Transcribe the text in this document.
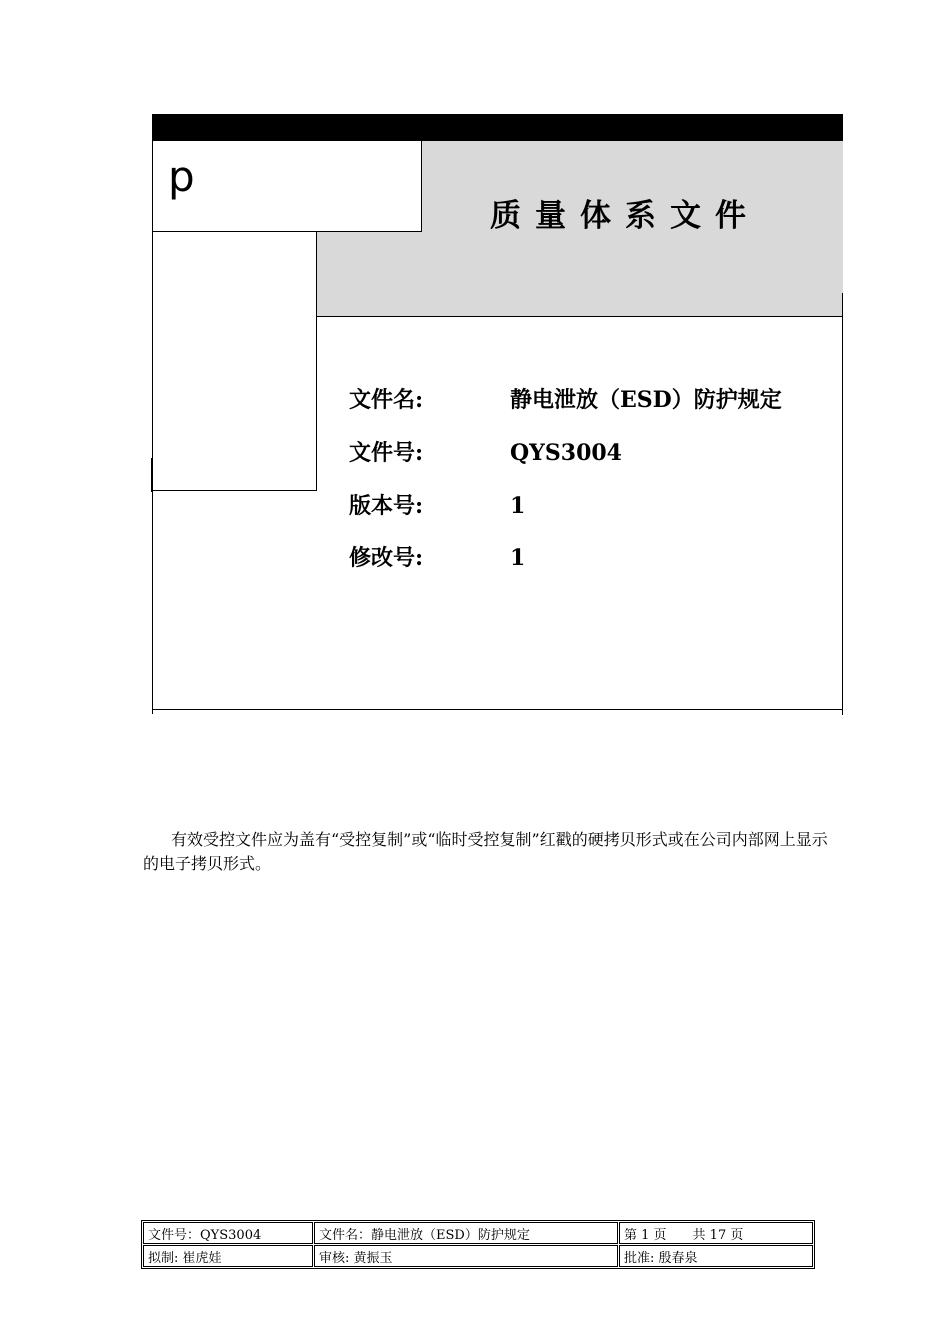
p
质量体系文件
文件名:	静电泄放（ESD）防护规定
文件号:	QYS3004
版本号:	1
修改号:	1
有效受控文件应为盖有“受控复制”或“临时受控复制”红戳的硬拷贝形式或在公司内部网上显示的电子拷贝形式。
文件号：QYS3004	文件名：静电泄放（ESD）防护规定	第 1 页　　共 17 页
拟制: 崔虎娃	审核: 黄振玉	批准: 殷春泉
